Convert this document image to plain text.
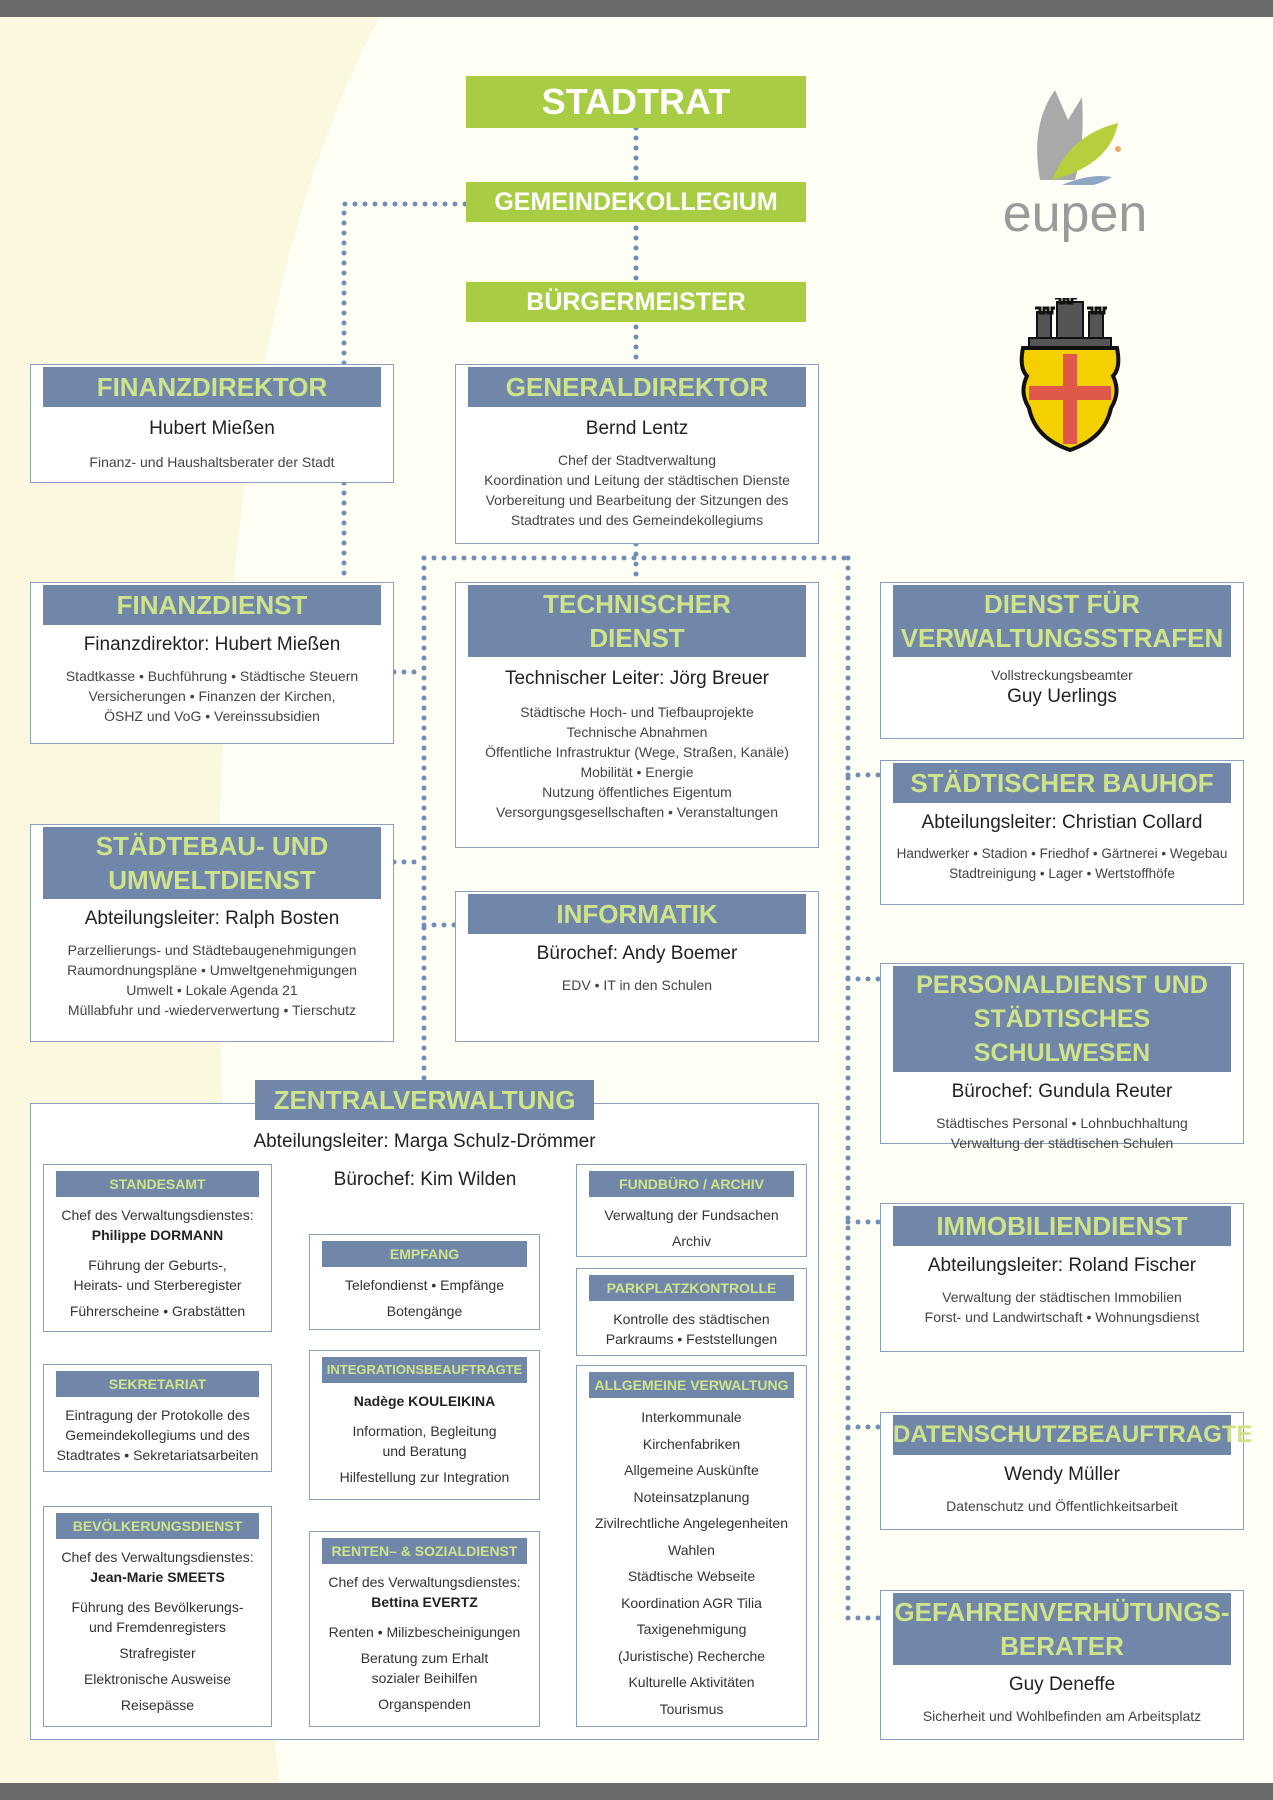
STADTRAT
GEMEINDEKOLLEGIUM
BÜRGERMEISTER
eupen
FINANZDIREKTOR
Hubert Mießen
Finanz- und Haushaltsberater der Stadt
GENERALDIREKTOR
Bernd Lentz
Chef der Stadtverwaltung
Koordination und Leitung der städtischen Dienste
Vorbereitung und Bearbeitung der Sitzungen des
Stadtrates und des Gemeindekollegiums
FINANZDIENST
Finanzdirektor: Hubert Mießen
Stadtkasse • Buchführung • Städtische Steuern
Versicherungen • Finanzen der Kirchen,
ÖSHZ und VoG • Vereinssubsidien
TECHNISCHER
DIENST
Technischer Leiter: Jörg Breuer
Städtische Hoch- und Tiefbauprojekte
Technische Abnahmen
Öffentliche Infrastruktur (Wege, Straßen, Kanäle)
Mobilität • Energie
Nutzung öffentliches Eigentum
Versorgungsgesellschaften • Veranstaltungen
DIENST FÜR
VERWALTUNGSSTRAFEN
Vollstreckungsbeamter
Guy Uerlings
STÄDTISCHER BAUHOF
Abteilungsleiter: Christian Collard
Handwerker • Stadion • Friedhof • Gärtnerei • Wegebau
Stadtreinigung • Lager • Wertstoffhöfe
STÄDTEBAU- UND
UMWELTDIENST
Abteilungsleiter: Ralph Bosten
Parzellierungs- und Städtebaugenehmigungen
Raumordnungspläne • Umweltgenehmigungen
Umwelt • Lokale Agenda 21
Müllabfuhr und -wiederverwertung • Tierschutz
INFORMATIK
Bürochef: Andy Boemer
EDV • IT in den Schulen	PERSONALDIENST UND
STÄDTISCHES SCHULWESEN
Bürochef: Gundula Reuter
Städtisches Personal • Lohnbuchhaltung
Verwaltung der städtischen Schulen
ZENTRALVERWALTUNG
Abteilungsleiter: Marga Schulz-Drömmer
Bürochef: Kim Wilden
STANDESAMT
Chef des Verwaltungsdienstes:
Philippe DORMANN
Führung der Geburts-,
Heirats- und Sterberegister
Führerscheine • Grabstätten
SEKRETARIAT
Eintragung der Protokolle des
Gemeindekollegiums und des
Stadtrates • Sekretariatsarbeiten
BEVÖLKERUNGSDIENST
Chef des Verwaltungsdienstes:
Jean-Marie SMEETS
Führung des Bevölkerungs-
und Fremdenregisters
Strafregister
Elektronische Ausweise
Reisepässe
EMPFANG
Telefondienst • Empfänge
Botengänge
INTEGRATIONSBEAUFTRAGTE
Nadège KOULEIKINA
Information, Begleitung
und Beratung
Hilfestellung zur Integration
RENTEN– & SOZIALDIENST
Chef des Verwaltungsdienstes:
Bettina EVERTZ
Renten • Milizbescheinigungen
Beratung zum Erhalt
sozialer Beihilfen
Organspenden
FUNDBÜRO / ARCHIV
Verwaltung der Fundsachen
Archiv
PARKPLATZKONTROLLE
Kontrolle des städtischen
Parkraums • Feststellungen
ALLGEMEINE VERWALTUNG
Interkommunale
Kirchenfabriken
Allgemeine Auskünfte
Noteinsatzplanung
Zivilrechtliche Angelegenheiten
Wahlen
Städtische Webseite
Koordination AGR Tilia
Taxigenehmigung
(Juristische) Recherche
Kulturelle Aktivitäten
Tourismus
IMMOBILIENDIENST
Abteilungsleiter: Roland Fischer
Verwaltung der städtischen Immobilien
Forst- und Landwirtschaft • Wohnungsdienst
DATENSCHUTZBEAUFTRAGTE
Wendy Müller
Datenschutz und Öffentlichkeitsarbeit
GEFAHRENVERHÜTUNGS-
BERATER
Guy Deneffe
Sicherheit und Wohlbefinden am Arbeitsplatz
